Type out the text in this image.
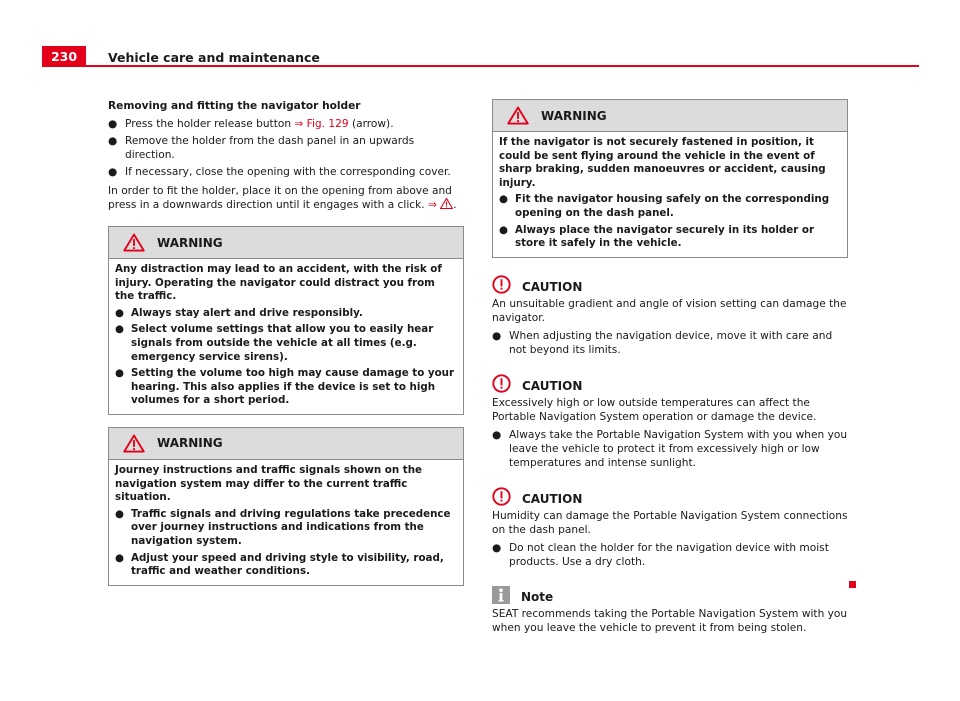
230	Vehicle care and maintenance

Removing and fitting the navigator holder

● Press the holder release button ⇒ Fig. 129 (arrow).
● Remove the holder from the dash panel in an upwards direction.
● If necessary, close the opening with the corresponding cover.

In order to fit the holder, place it on the opening from above and press in a downwards direction until it engages with a click. ⇒ .

WARNING

Any distraction may lead to an accident, with the risk of injury. Operating the navigator could distract you from the traffic.

● Always stay alert and drive responsibly.
● Select volume settings that allow you to easily hear signals from outside the vehicle at all times (e.g. emergency service sirens).
● Setting the volume too high may cause damage to your hearing. This also applies if the device is set to high volumes for a short period.
WARNING

Journey instructions and traffic signals shown on the navigation system may differ to the current traffic situation.

● Traffic signals and driving regulations take precedence over journey instructions and indications from the navigation system.
● Adjust your speed and driving style to visibility, road, traffic and weather conditions.
WARNING

If the navigator is not securely fastened in position, it could be sent flying around the vehicle in the event of sharp braking, sudden manoeuvres or accident, causing injury.

● Fit the navigator housing safely on the corresponding opening on the dash panel.
● Always place the navigator securely in its holder or store it safely in the vehicle.
CAUTION

An unsuitable gradient and angle of vision setting can damage the navigator.

● When adjusting the navigation device, move it with care and not beyond its limits.
CAUTION

Excessively high or low outside temperatures can affect the Portable Navigation System operation or damage the device.

● Always take the Portable Navigation System with you when you leave the vehicle to protect it from excessively high or low temperatures and intense sunlight.
CAUTION

Humidity can damage the Portable Navigation System connections on the dash panel.

● Do not clean the holder for the navigation device with moist products. Use a dry cloth.
Note

SEAT recommends taking the Portable Navigation System with you when you leave the vehicle to prevent it from being stolen.
